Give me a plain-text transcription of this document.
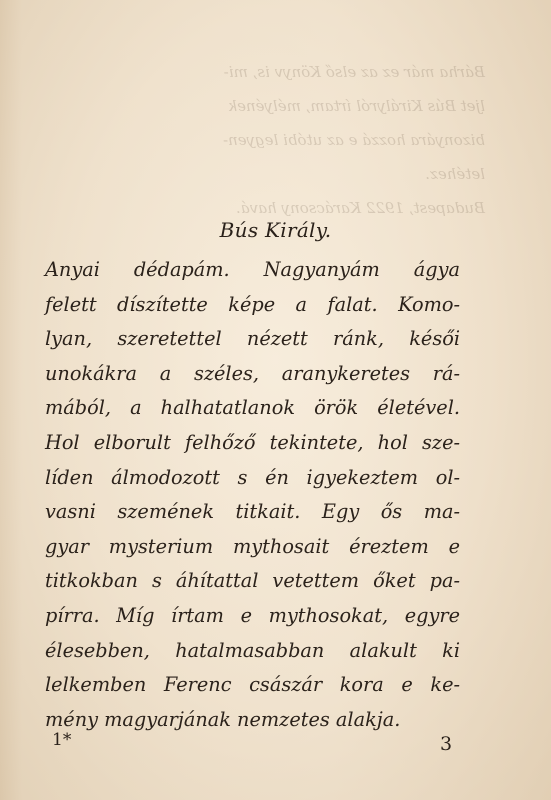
Bárha már ez az első Könyv is, mi-
ljet Bús Királyról írtam, mélyének
bizonyára hozzá e az utóbi legyen-
letéhez.
Budapest, 1922 Karácsony havá.
Bús Király.
Anyai dédapám. Nagyanyám ágya
felett díszítette képe a falat. Komo-
lyan, szeretettel nézett ránk, késői
unokákra a széles, aranykeretes rá-
mából, a halhatatlanok örök életével.
Hol elborult felhőző tekintete, hol sze-
líden álmodozott s én igyekeztem ol-
vasni szemének titkait. Egy ős ma-
gyar mysterium mythosait éreztem e
titkokban s áhítattal vetettem őket pa-
pírra. Míg írtam e mythosokat, egyre
élesebben, hatalmasabban alakult ki
lelkemben Ferenc császár kora e ke-
mény magyarjának nemzetes alakja.
1*	3
